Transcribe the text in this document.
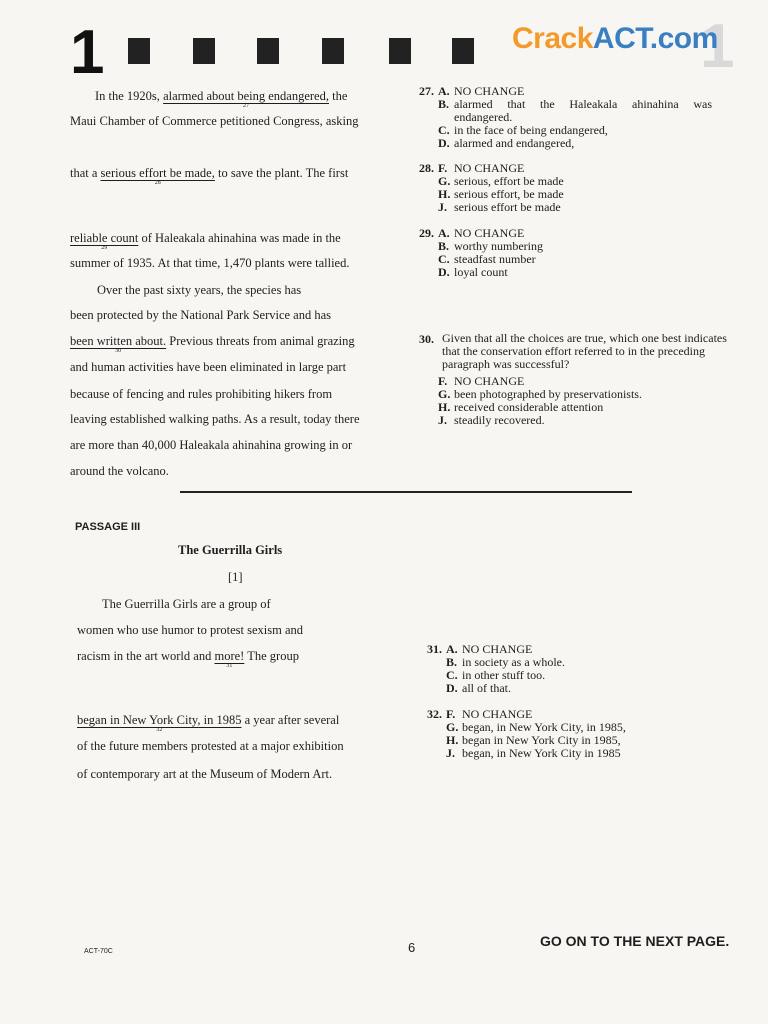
1	1
CrackACT.com
In the 1920s, alarmed about being endangered,
27
the
Maui Chamber of Commerce petitioned Congress, asking
that a serious effort be made,
28
to save the plant. The first
reliable count
29
of Haleakala ahinahina was made in the
summer of 1935. At that time, 1,470 plants were tallied.
Over the past sixty years, the species has
been protected by the National Park Service and has
been written about.
30
Previous threats from animal grazing
and human activities have been eliminated in large part
because of fencing and rules prohibiting hikers from
leaving established walking paths. As a result, today there
are more than 40,000 Haleakala ahinahina growing in or
around the volcano.
27. A. NO CHANGE
B. alarmed that the Haleakala ahinahina was endangered.
C. in the face of being endangered,
D. alarmed and endangered,
28. F. NO CHANGE
G. serious, effort be made
H. serious effort, be made
J. serious effort be made
29. A. NO CHANGE
B. worthy numbering
C. steadfast number
D. loyal count
30. Given that all the choices are true, which one best indicates that the conservation effort referred to in the preceding paragraph was successful?
F. NO CHANGE
G. been photographed by preservationists.
H. received considerable attention
J. steadily recovered.
PASSAGE III
The Guerrilla Girls
[1]
The Guerrilla Girls are a group of
women who use humor to protest sexism and
racism in the art world and more!
31
The group
began in New York City, in 1985
32
a year after several
of the future members protested at a major exhibition
of contemporary art at the Museum of Modern Art.
31. A. NO CHANGE
B. in society as a whole.
C. in other stuff too.
D. all of that.
32. F. NO CHANGE
G. began, in New York City, in 1985,
H. began in New York City in 1985,
J. began, in New York City in 1985
ACT-70C	6	GO ON TO THE NEXT PAGE.
